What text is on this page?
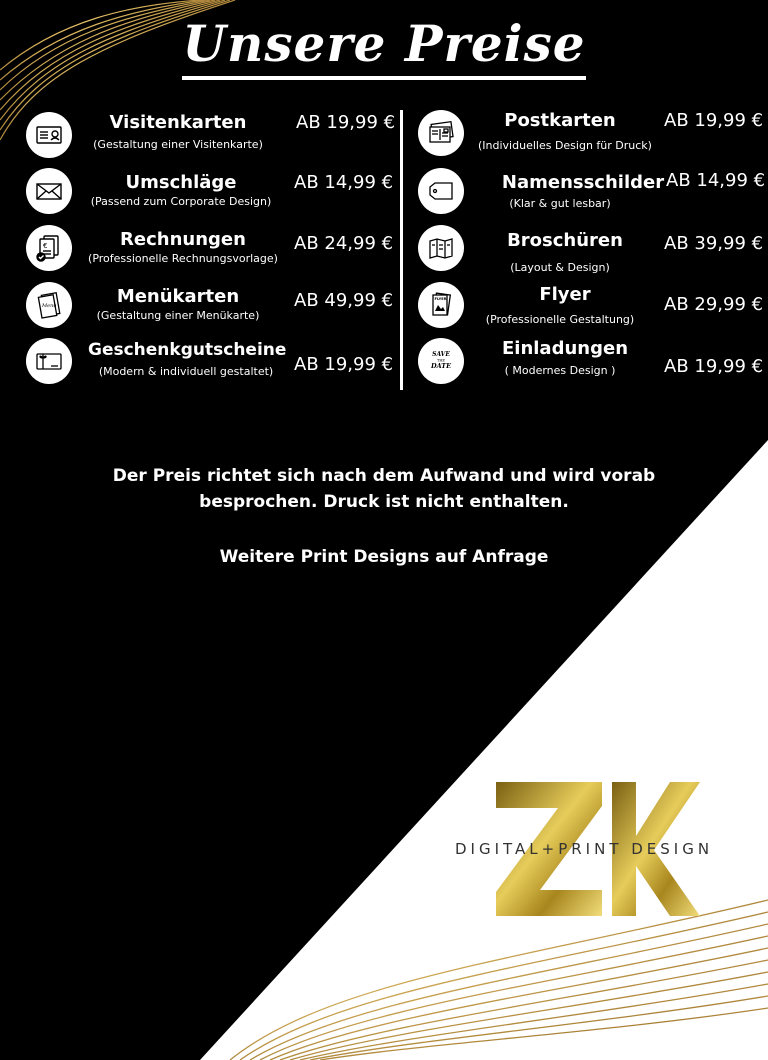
Unsere Preise
Visitenkarten
(Gestaltung einer Visitenkarte)
AB 19,99 €
Umschläge
(Passend zum Corporate Design)
AB 14,99 €
€	Rechnungen
(Professionelle Rechnungsvorlage)
AB 24,99 €
Menu	Menükarten
(Gestaltung einer Menükarte)
AB 49,99 €
Geschenkgutscheine
(Modern & individuell gestaltet)	AB 19,99 €
Postkarten
(Individuelles Design für Druck)
AB 19,99 €
Namensschilder
(Klar & gut lesbar)
AB 14,99 €
Broschüren
(Layout & Design)
AB 39,99 €
FLYER	Flyer
(Professionelle Gestaltung)
AB 29,99 €
SAVE
THE
DATE
Einladungen
( Modernes Design )	AB 19,99 €
Der Preis richtet sich nach dem Aufwand und wird vorab
besprochen. Druck ist nicht enthalten.
Weitere Print Designs auf Anfrage
DIGITAL+PRINT DESIGN
